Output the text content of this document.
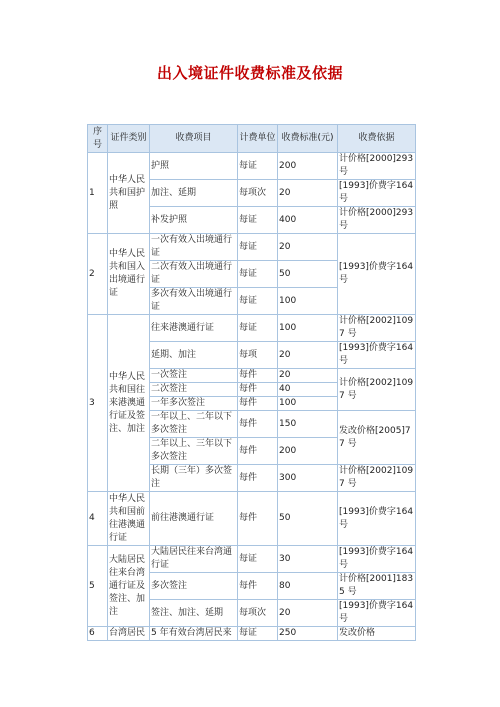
出入境证件收费标准及依据
序号	证件类别	收费项目	计费单位	收费标准(元)	收费依据
1	中华人民共和国护照	护照	每证	200	计价格[2000]293 号
		加注、延期	每项次	20	[1993]价费字164 号
		补发护照	每证	400	计价格[2000]293 号
2	中华人民共和国入出境通行证	一次有效入出境通行证	每证	20	[1993]价费字164 号
		二次有效入出境通行证	每证	50	
		多次有效入出境通行证	每证	100	
3	中华人民共和国往来港澳通行证及签注、加注	往来港澳通行证	每证	100	计价格[2002]1097 号
		延期、加注	每项	20	[1993]价费字164 号
		一次签注	每件	20	计价格[2002]1097 号
		二次签注	每件	40	
		一年多次签注	每件	100	
		一年以上、二年以下多次签注	每件	150	发改价格[2005]77 号
		二年以上、三年以下多次签注	每件	200	
		长期（三年）多次签注	每件	300	计价格[2002]1097 号
4	中华人民共和国前往港澳通行证	前往港澳通行证	每件	50	[1993]价费字164 号
5	大陆居民往来台湾通行证及签注、加注	大陆居民往来台湾通行证	每证	30	[1993]价费字164 号
		多次签注	每件	80	计价格[2001]1835 号
		签注、加注、延期	每项次	20	[1993]价费字164 号
6	台湾居民	5 年有效台湾居民来	每证	250	发改价格
